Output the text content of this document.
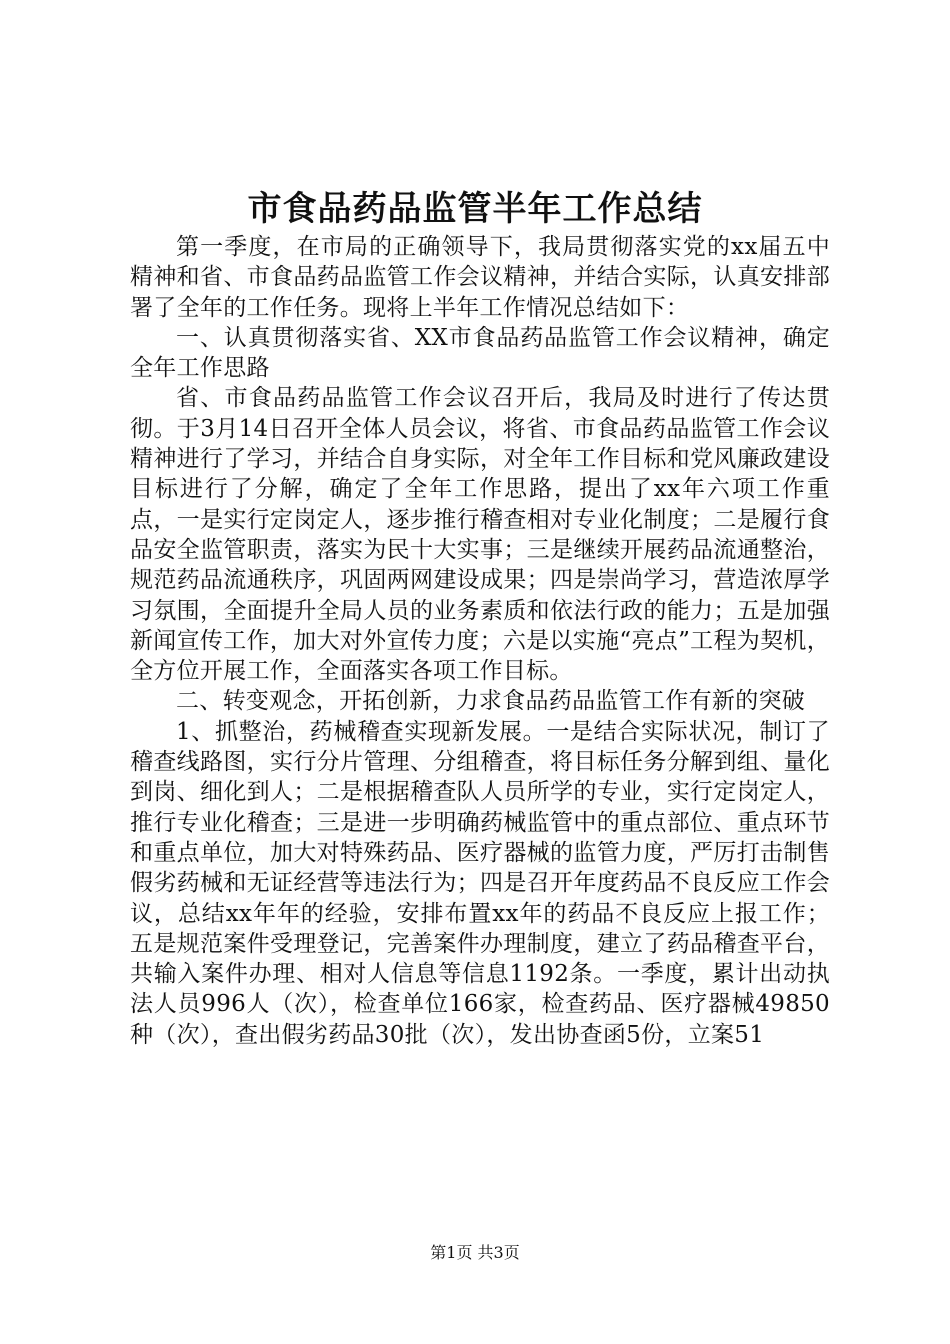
市食品药品监管半年工作总结

第一季度，在市局的正确领导下，我局贯彻落实党的xx届五中精神和省、市食品药品监管工作会议精神，并结合实际，认真安排部署了全年的工作任务。现将上半年工作情况总结如下：

一、认真贯彻落实省、XX市食品药品监管工作会议精神，确定全年工作思路

省、市食品药品监管工作会议召开后，我局及时进行了传达贯彻。于3月14日召开全体人员会议，将省、市食品药品监管工作会议精神进行了学习，并结合自身实际，对全年工作目标和党风廉政建设目标进行了分解，确定了全年工作思路，提出了xx年六项工作重点，一是实行定岗定人，逐步推行稽查相对专业化制度；二是履行食品安全监管职责，落实为民十大实事；三是继续开展药品流通整治，规范药品流通秩序，巩固两网建设成果；四是崇尚学习，营造浓厚学习氛围，全面提升全局人员的业务素质和依法行政的能力；五是加强新闻宣传工作，加大对外宣传力度；六是以实施“亮点”工程为契机，全方位开展工作，全面落实各项工作目标。

二、转变观念，开拓创新，力求食品药品监管工作有新的突破

1、抓整治，药械稽查实现新发展。一是结合实际状况，制订了稽查线路图，实行分片管理、分组稽查，将目标任务分解到组、量化到岗、细化到人；二是根据稽查队人员所学的专业，实行定岗定人，推行专业化稽查；三是进一步明确药械监管中的重点部位、重点环节和重点单位，加大对特殊药品、医疗器械的监管力度，严厉打击制售假劣药械和无证经营等违法行为；四是召开年度药品不良反应工作会议，总结xx年年的经验，安排布置xx年的药品不良反应上报工作；五是规范案件受理登记，完善案件办理制度，建立了药品稽查平台，共输入案件办理、相对人信息等信息1192条。一季度，累计出动执法人员996人（次），检查单位166家，检查药品、医疗器械49850种（次），查出假劣药品30批（次），发出协查函5份，立案51

第1页 共3页
